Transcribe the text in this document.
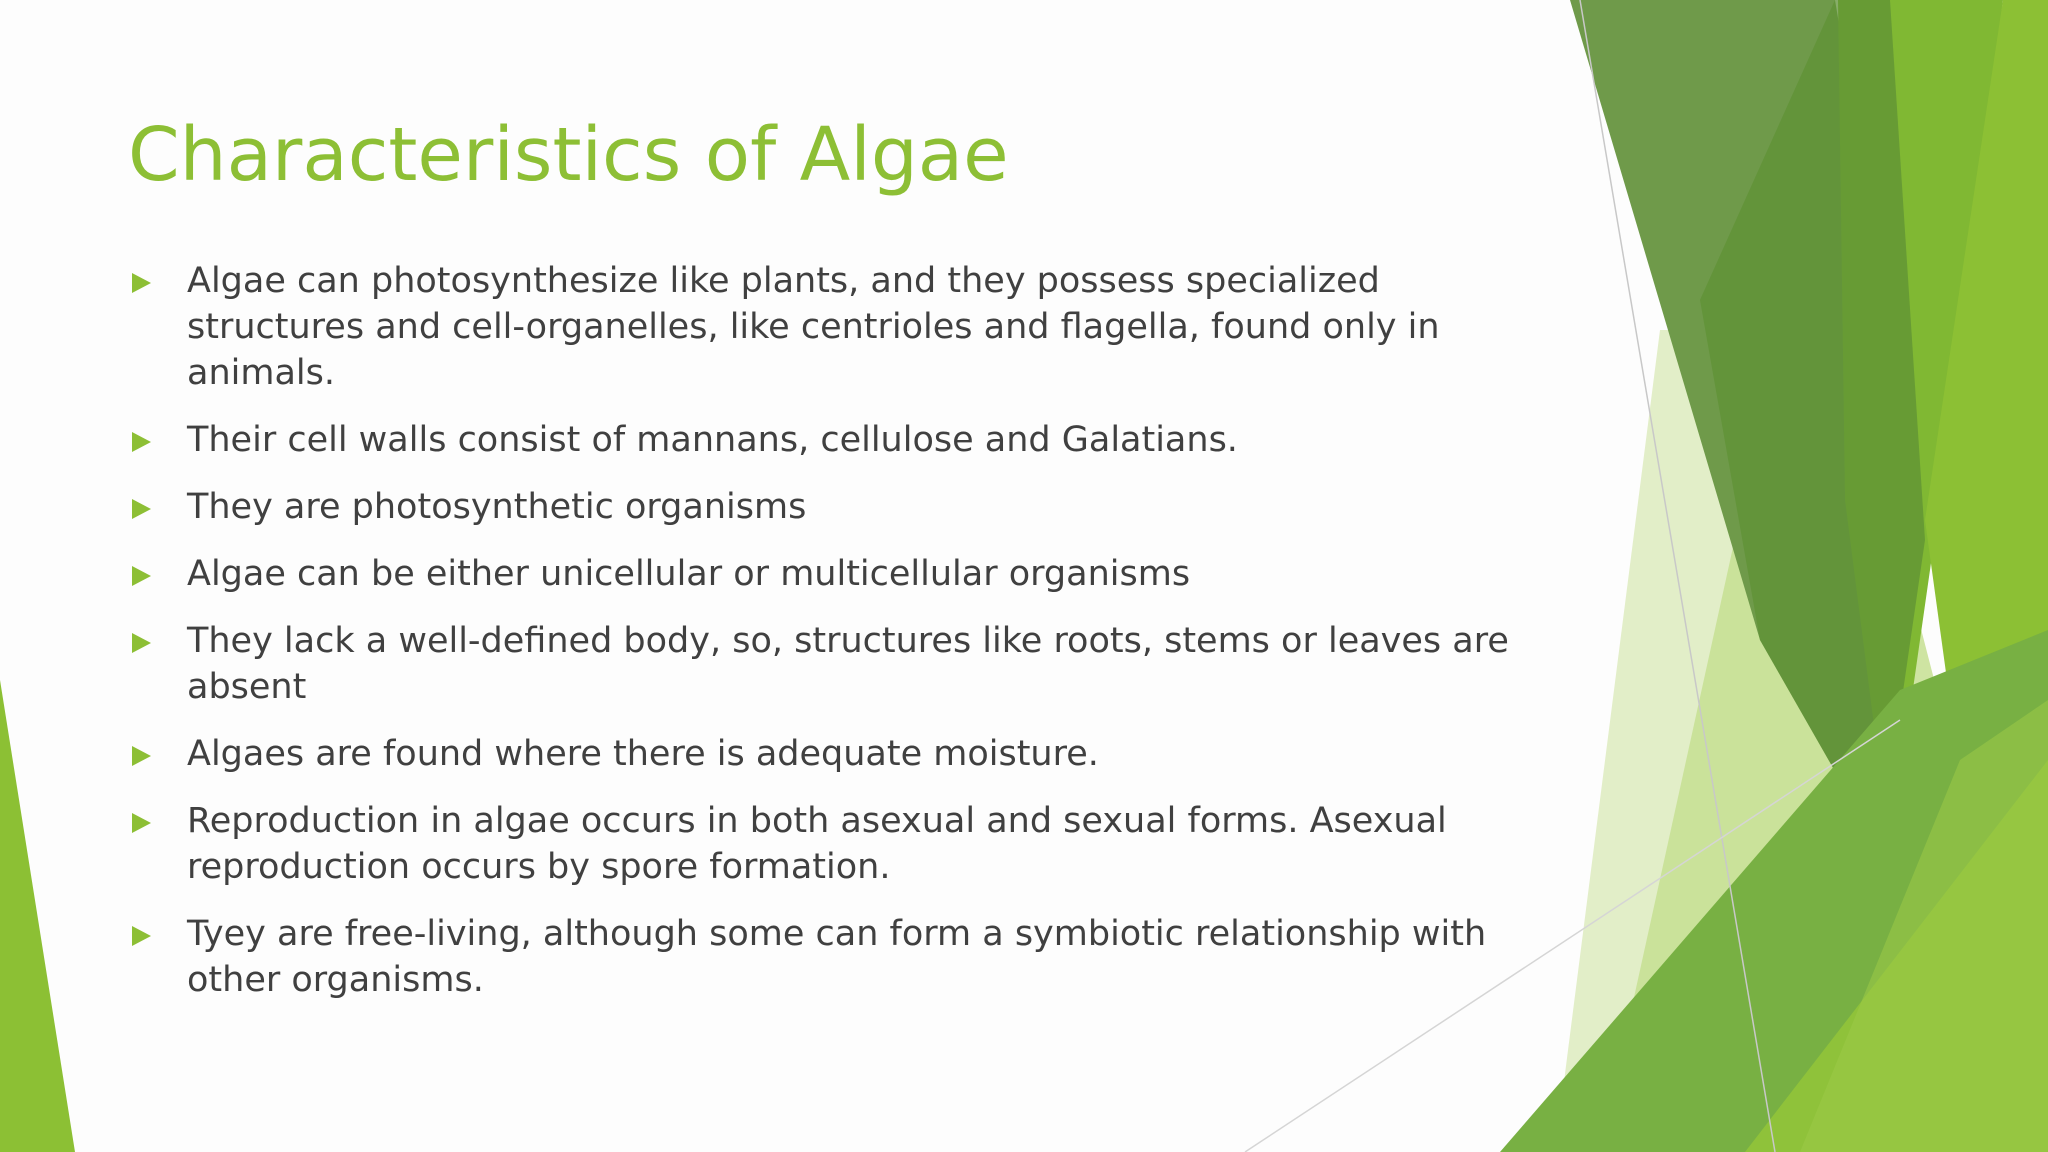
Characteristics of Algae
Algae can photosynthesize like plants, and they possess specialized structures and cell-organelles, like centrioles and flagella, found only in animals.
Their cell walls consist of mannans, cellulose and Galatians.
They are photosynthetic organisms
Algae can be either unicellular or multicellular organisms
They lack a well-defined body, so, structures like roots, stems or leaves are absent
Algaes are found where there is adequate moisture.
Reproduction in algae occurs in both asexual and sexual forms. Asexual reproduction occurs by spore formation.
Tyey are free-living, although some can form a symbiotic relationship with other organisms.
